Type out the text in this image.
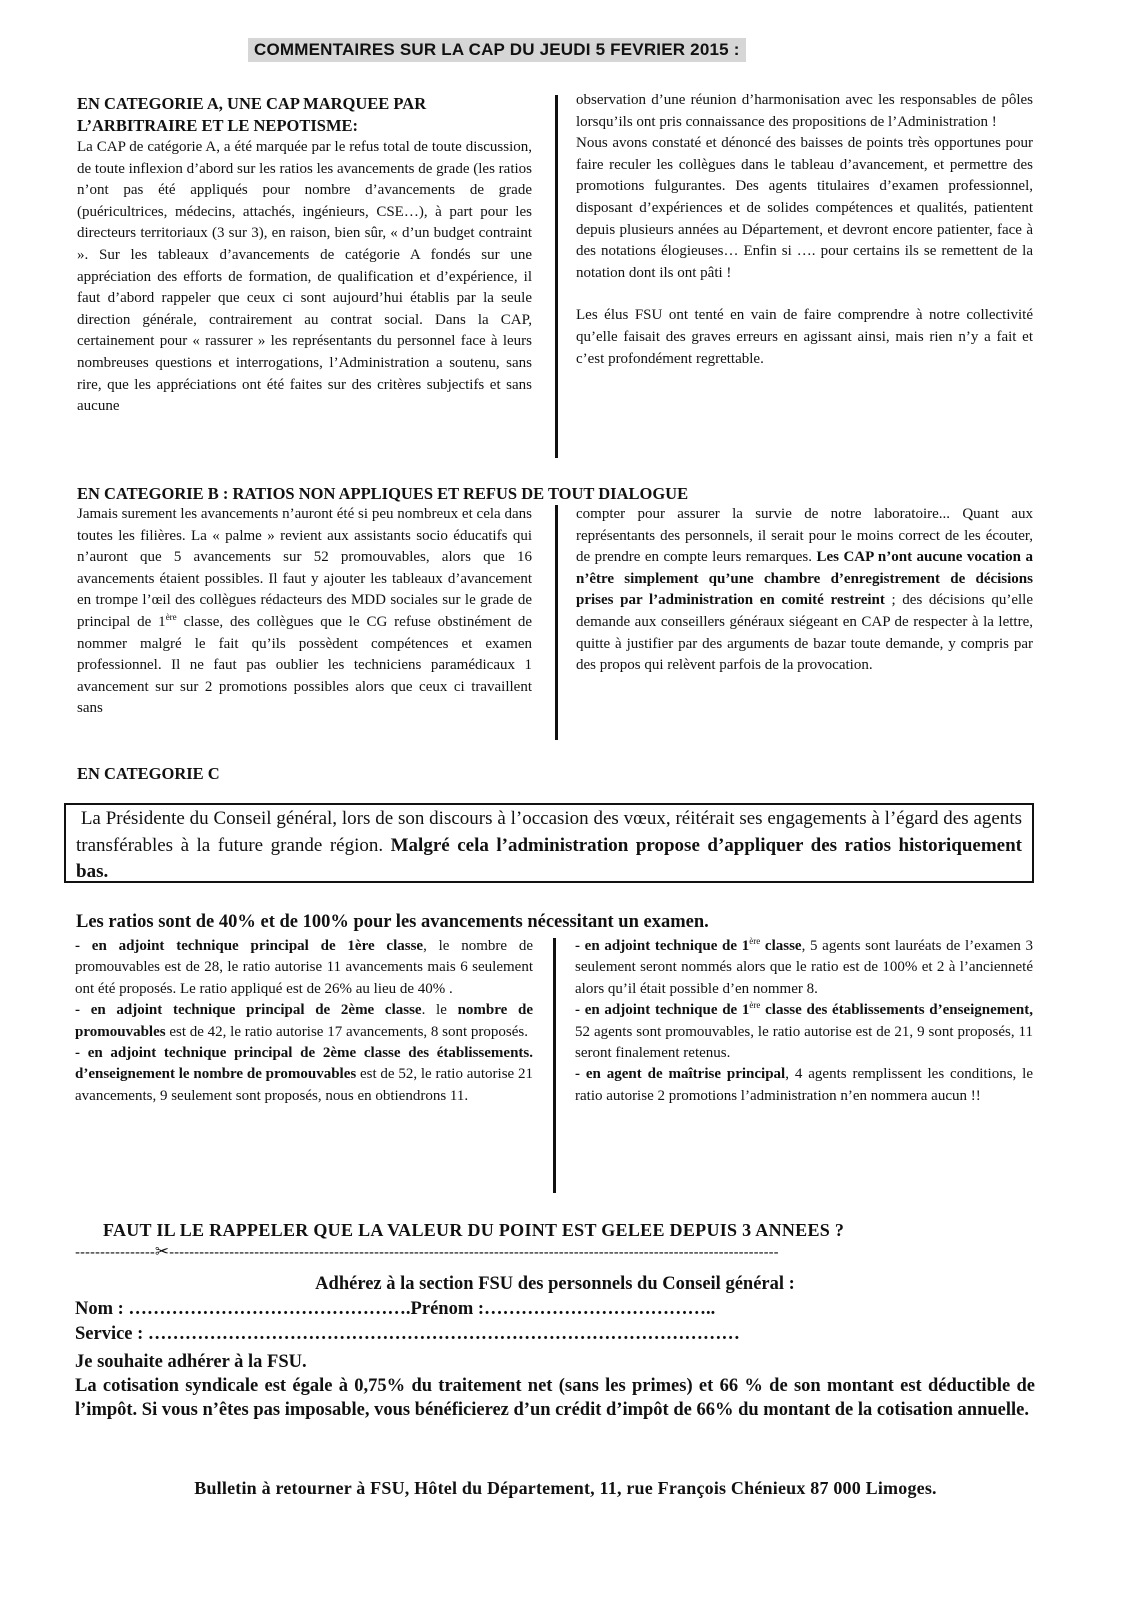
COMMENTAIRES SUR LA CAP DU JEUDI 5 FEVRIER 2015 :
EN CATEGORIE A, UNE CAP MARQUEE PAR
L’ARBITRAIRE ET LE NEPOTISME:

La CAP de catégorie A, a été marquée par le refus total de toute discussion, de toute inflexion d’abord sur les ratios les avancements de grade (les ratios n’ont pas été appliqués pour nombre d’avancements de grade (puéricultrices, médecins, attachés, ingénieurs, CSE…), à part pour les directeurs territoriaux (3 sur 3), en raison, bien sûr, « d’un budget contraint ». Sur les tableaux d’avancements de catégorie A fondés sur une appréciation des efforts de formation, de qualification et d’expérience, il faut d’abord rappeler que ceux ci sont aujourd’hui établis par la seule direction générale, contrairement au contrat social. Dans la CAP, certainement pour « rassurer » les représentants du personnel face à leurs nombreuses questions et interrogations, l’Administration a soutenu, sans rire, que les appréciations ont été faites sur des critères subjectifs et sans aucune

observation d’une réunion d’harmonisation avec les responsables de pôles lorsqu’ils ont pris connaissance des propositions de l’Administration !

Nous avons constaté et dénoncé des baisses de points très opportunes pour faire reculer les collègues dans le tableau d’avancement, et permettre des promotions fulgurantes. Des agents titulaires d’examen professionnel, disposant d’expériences et de solides compétences et qualités, patientent depuis plusieurs années au Département, et devront encore patienter, face à des notations élogieuses… Enfin si …. pour certains ils se remettent de la notation dont ils ont pâti !

Les élus FSU ont tenté en vain de faire comprendre à notre collectivité qu’elle faisait des graves erreurs en agissant ainsi, mais rien n’y a fait et c’est profondément regrettable.

EN CATEGORIE B : RATIOS NON APPLIQUES ET REFUS DE TOUT DIALOGUE

Jamais surement les avancements n’auront été si peu nombreux et cela dans toutes les filières. La « palme » revient aux assistants socio éducatifs qui n’auront que 5 avancements sur 52 promouvables, alors que 16 avancements étaient possibles. Il faut y ajouter les tableaux d’avancement en trompe l’œil des collègues rédacteurs des MDD sociales sur le grade de principal de 1ère classe, des collègues que le CG refuse obstinément de nommer malgré le fait qu’ils possèdent compétences et examen professionnel. Il ne faut pas oublier les techniciens paramédicaux 1 avancement sur sur 2 promotions possibles alors que ceux ci travaillent sans

compter pour assurer la survie de notre laboratoire... Quant aux représentants des personnels, il serait pour le moins correct de les écouter, de prendre en compte leurs remarques. Les CAP n’ont aucune vocation a n’être simplement qu’une chambre d’enregistrement de décisions prises par l’administration en comité restreint ; des décisions qu’elle demande aux conseillers généraux siégeant en CAP de respecter à la lettre, quitte à justifier par des arguments de bazar toute demande, y compris par des propos qui relèvent parfois de la provocation.

EN CATEGORIE C
La Présidente du Conseil général, lors de son discours à l’occasion des vœux, réitérait ses engagements à l’égard des agents transférables à la future grande région. Malgré cela l’administration propose d’appliquer des ratios historiquement bas.
Les ratios sont de 40% et de 100% pour les avancements nécessitant un examen.

- en adjoint technique principal de 1ère classe, le nombre de promouvables est de 28, le ratio autorise 11 avancements mais 6 seulement ont été proposés. Le ratio appliqué est de 26% au lieu de 40% .

- en adjoint technique principal de 2ème classe. le nombre de promouvables est de 42, le ratio autorise 17 avancements, 8 sont proposés.

- en adjoint technique principal de 2ème classe des établissements. d’enseignement le nombre de promouvables est de 52, le ratio autorise 21 avancements, 9 seulement sont proposés, nous en obtiendrons 11.

- en adjoint technique de 1ère classe, 5 agents sont lauréats de l’examen 3 seulement seront nommés alors que le ratio est de 100% et 2 à l’ancienneté alors qu’il était possible d’en nommer 8.

- en adjoint technique de 1ère classe des établissements d’enseignement, 52 agents sont promouvables, le ratio autorise est de 21, 9 sont proposés, 11 seront finalement retenus.

- en agent de maîtrise principal, 4 agents remplissent les conditions, le ratio autorise 2 promotions l’administration n’en nommera aucun !!

FAUT IL LE RAPPELER QUE LA VALEUR DU POINT EST GELEE DEPUIS 3 ANNEES ?
----------------✂--------------------------------------------------------------------------------------------------------------------------
Adhérez à la section FSU des personnels du Conseil général :
Nom : ……………………………………….Prénom :………………………………..
Service : ……………………………………………………………………………………
Je souhaite adhérer à la FSU.
La cotisation syndicale est égale à 0,75% du traitement net (sans les primes) et 66 % de son montant est déductible de l’impôt. Si vous n’êtes pas imposable, vous bénéficierez d’un crédit d’impôt de 66% du montant de la cotisation annuelle.
Bulletin à retourner à FSU, Hôtel du Département, 11, rue François Chénieux 87 000 Limoges.
